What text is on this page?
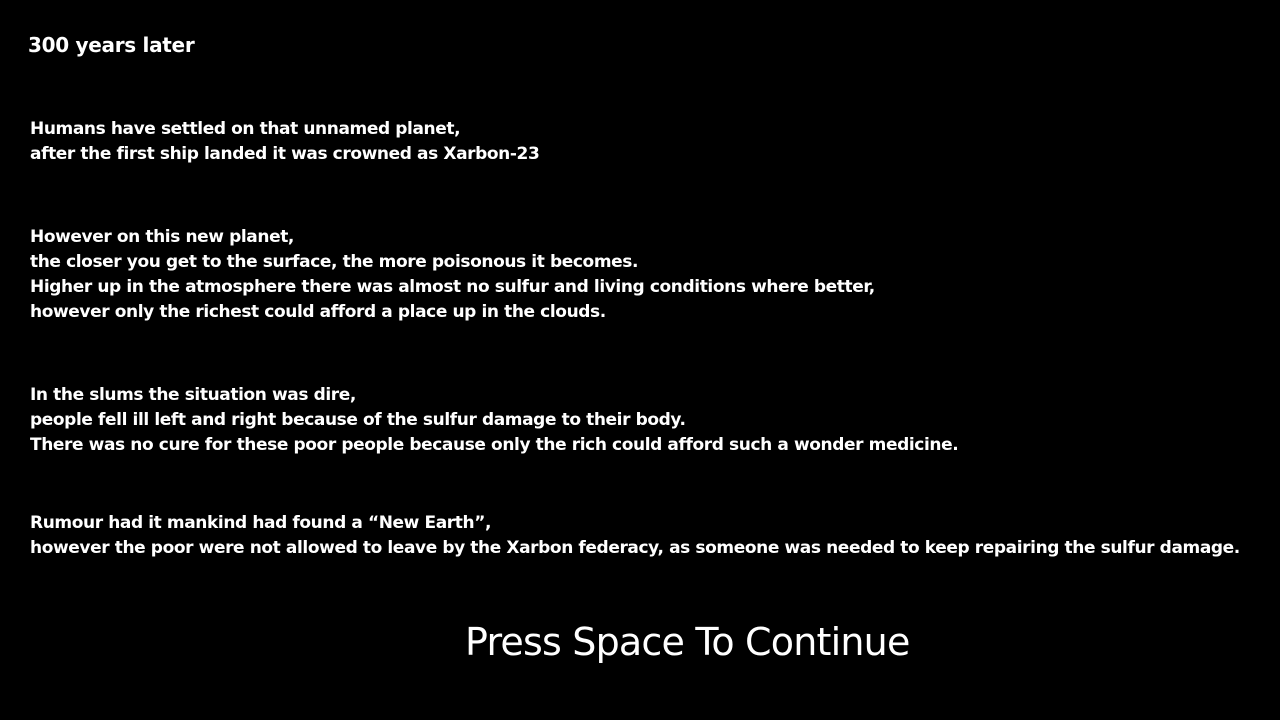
300 years later
Humans have settled on that unnamed planet,
after the first ship landed it was crowned as Xarbon-23
However on this new planet,
the closer you get to the surface, the more poisonous it becomes.
Higher up in the atmosphere there was almost no sulfur and living conditions where better,
however only the richest could afford a place up in the clouds.
In the slums the situation was dire,
people fell ill left and right because of the sulfur damage to their body.
There was no cure for these poor people because only the rich could afford such a wonder medicine.
Rumour had it mankind had found a “New Earth”,
however the poor were not allowed to leave by the Xarbon federacy, as someone was needed to keep repairing the sulfur damage.
Press Space To Continue
